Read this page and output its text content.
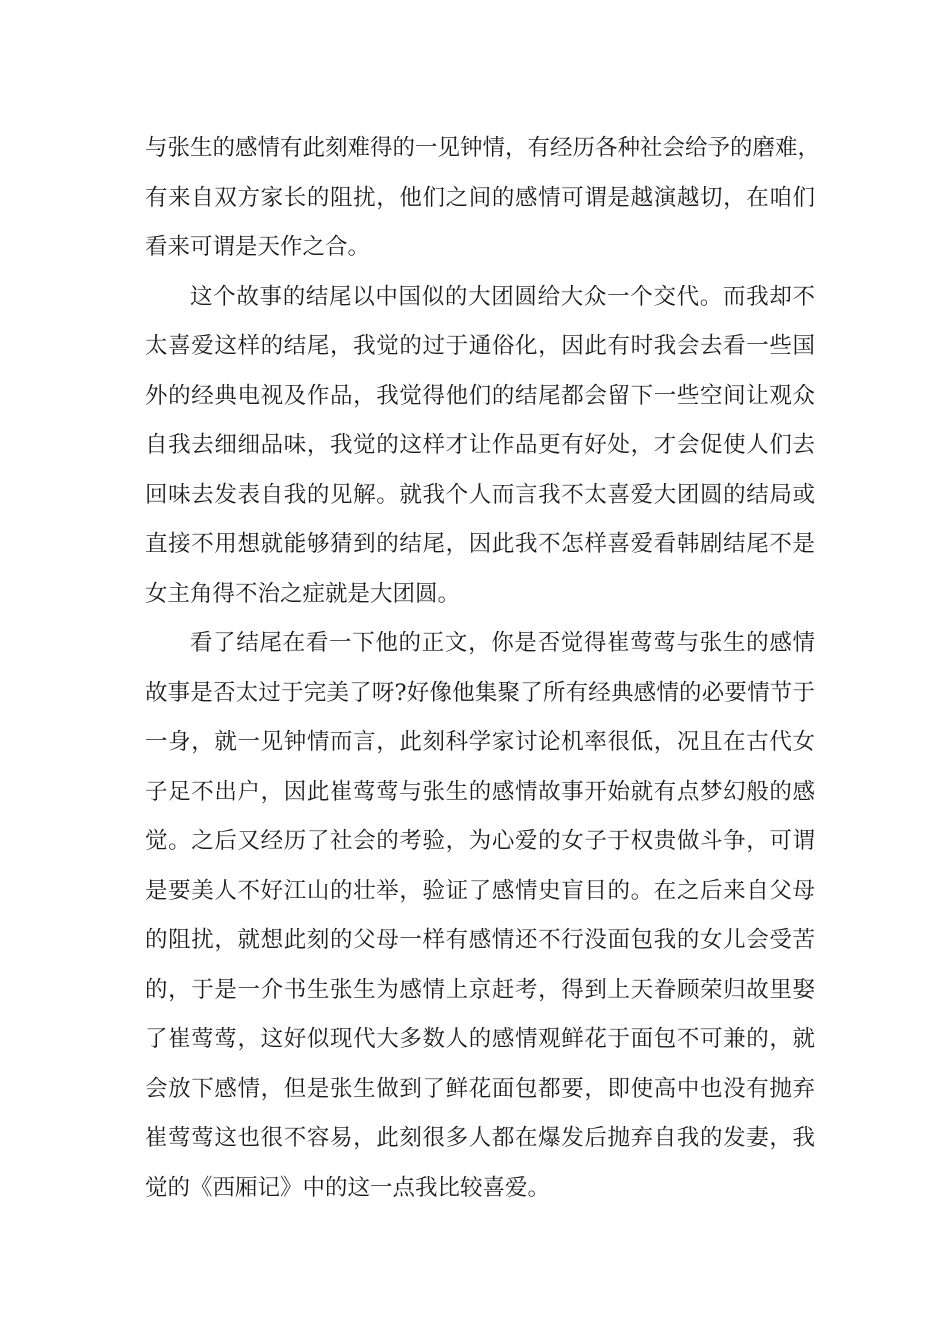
与张生的感情有此刻难得的一见钟情，有经历各种社会给予的磨难，
有来自双方家长的阻扰，他们之间的感情可谓是越演越切，在咱们
看来可谓是天作之合。
这个故事的结尾以中国似的大团圆给大众一个交代。而我却不
太喜爱这样的结尾，我觉的过于通俗化，因此有时我会去看一些国
外的经典电视及作品，我觉得他们的结尾都会留下一些空间让观众
自我去细细品味，我觉的这样才让作品更有好处，才会促使人们去
回味去发表自我的见解。就我个人而言我不太喜爱大团圆的结局或
直接不用想就能够猜到的结尾，因此我不怎样喜爱看韩剧结尾不是
女主角得不治之症就是大团圆。
看了结尾在看一下他的正文，你是否觉得崔莺莺与张生的感情
故事是否太过于完美了呀?好像他集聚了所有经典感情的必要情节于
一身，就一见钟情而言，此刻科学家讨论机率很低，况且在古代女
子足不出户，因此崔莺莺与张生的感情故事开始就有点梦幻般的感
觉。之后又经历了社会的考验，为心爱的女子于权贵做斗争，可谓
是要美人不好江山的壮举，验证了感情史盲目的。在之后来自父母
的阻扰，就想此刻的父母一样有感情还不行没面包我的女儿会受苦
的，于是一介书生张生为感情上京赶考，得到上天眷顾荣归故里娶
了崔莺莺，这好似现代大多数人的感情观鲜花于面包不可兼的，就
会放下感情，但是张生做到了鲜花面包都要，即使高中也没有抛弃
崔莺莺这也很不容易，此刻很多人都在爆发后抛弃自我的发妻，我
觉的《西厢记》中的这一点我比较喜爱。
